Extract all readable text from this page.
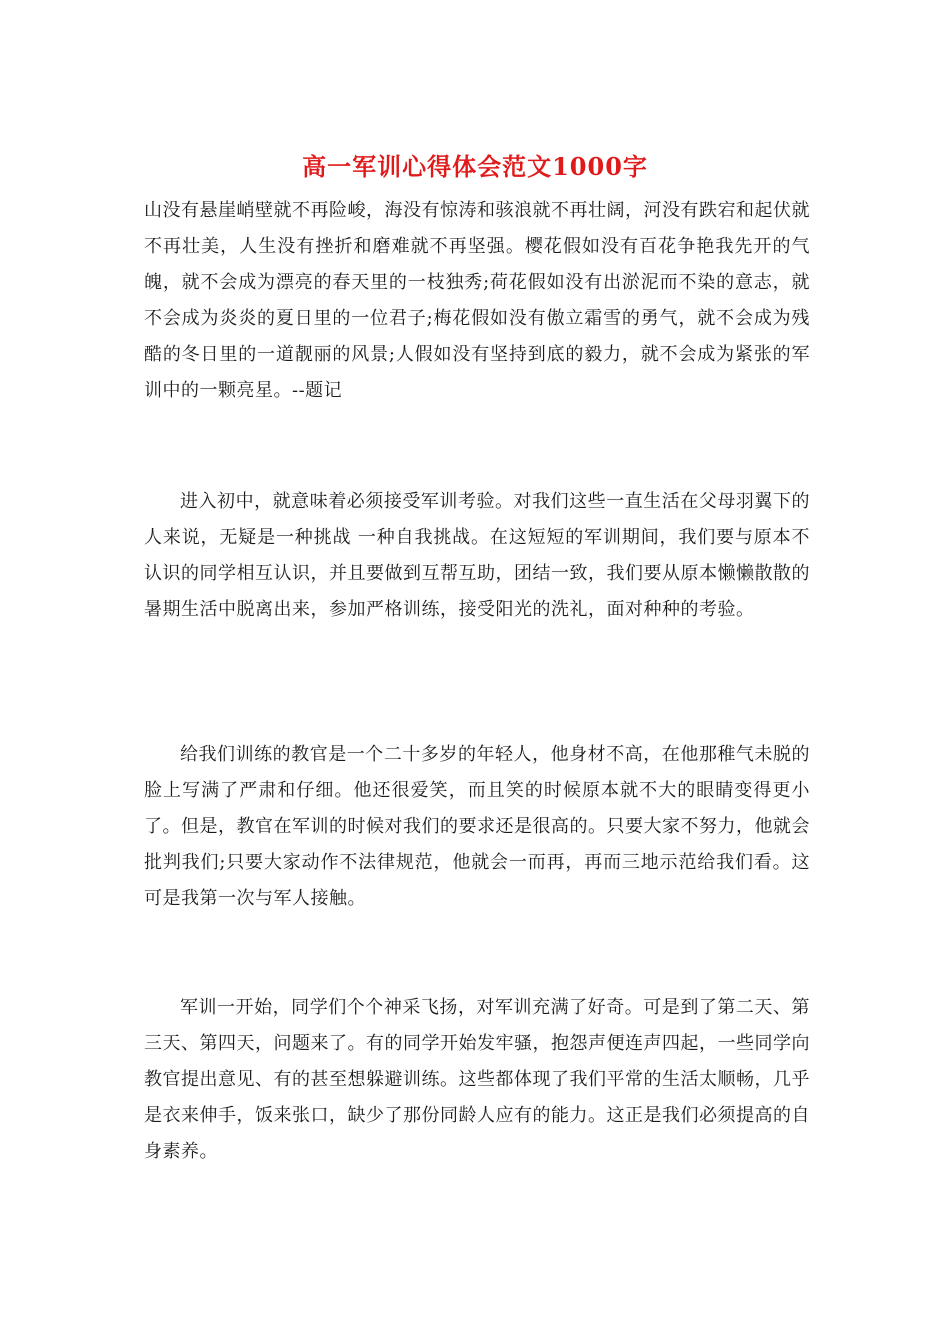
高一军训心得体会范文1000字

山没有悬崖峭壁就不再险峻，海没有惊涛和骇浪就不再壮阔，河没有跌宕和起伏就不再壮美，人生没有挫折和磨难就不再坚强。樱花假如没有百花争艳我先开的气魄，就不会成为漂亮的春天里的一枝独秀;荷花假如没有出淤泥而不染的意志，就不会成为炎炎的夏日里的一位君子;梅花假如没有傲立霜雪的勇气，就不会成为残酷的冬日里的一道靓丽的风景;人假如没有坚持到底的毅力，就不会成为紧张的军训中的一颗亮星。--题记

进入初中，就意味着必须接受军训考验。对我们这些一直生活在父母羽翼下的人来说，无疑是一种挑战 一种自我挑战。在这短短的军训期间，我们要与原本不认识的同学相互认识，并且要做到互帮互助，团结一致，我们要从原本懒懒散散的暑期生活中脱离出来，参加严格训练，接受阳光的洗礼，面对种种的考验。

给我们训练的教官是一个二十多岁的年轻人，他身材不高，在他那稚气未脱的脸上写满了严肃和仔细。他还很爱笑，而且笑的时候原本就不大的眼睛变得更小了。但是，教官在军训的时候对我们的要求还是很高的。只要大家不努力，他就会批判我们;只要大家动作不法律规范，他就会一而再，再而三地示范给我们看。这可是我第一次与军人接触。

军训一开始，同学们个个神采飞扬，对军训充满了好奇。可是到了第二天、第三天、第四天，问题来了。有的同学开始发牢骚，抱怨声便连声四起，一些同学向教官提出意见、有的甚至想躲避训练。这些都体现了我们平常的生活太顺畅，几乎是衣来伸手，饭来张口，缺少了那份同龄人应有的能力。这正是我们必须提高的自身素养。
